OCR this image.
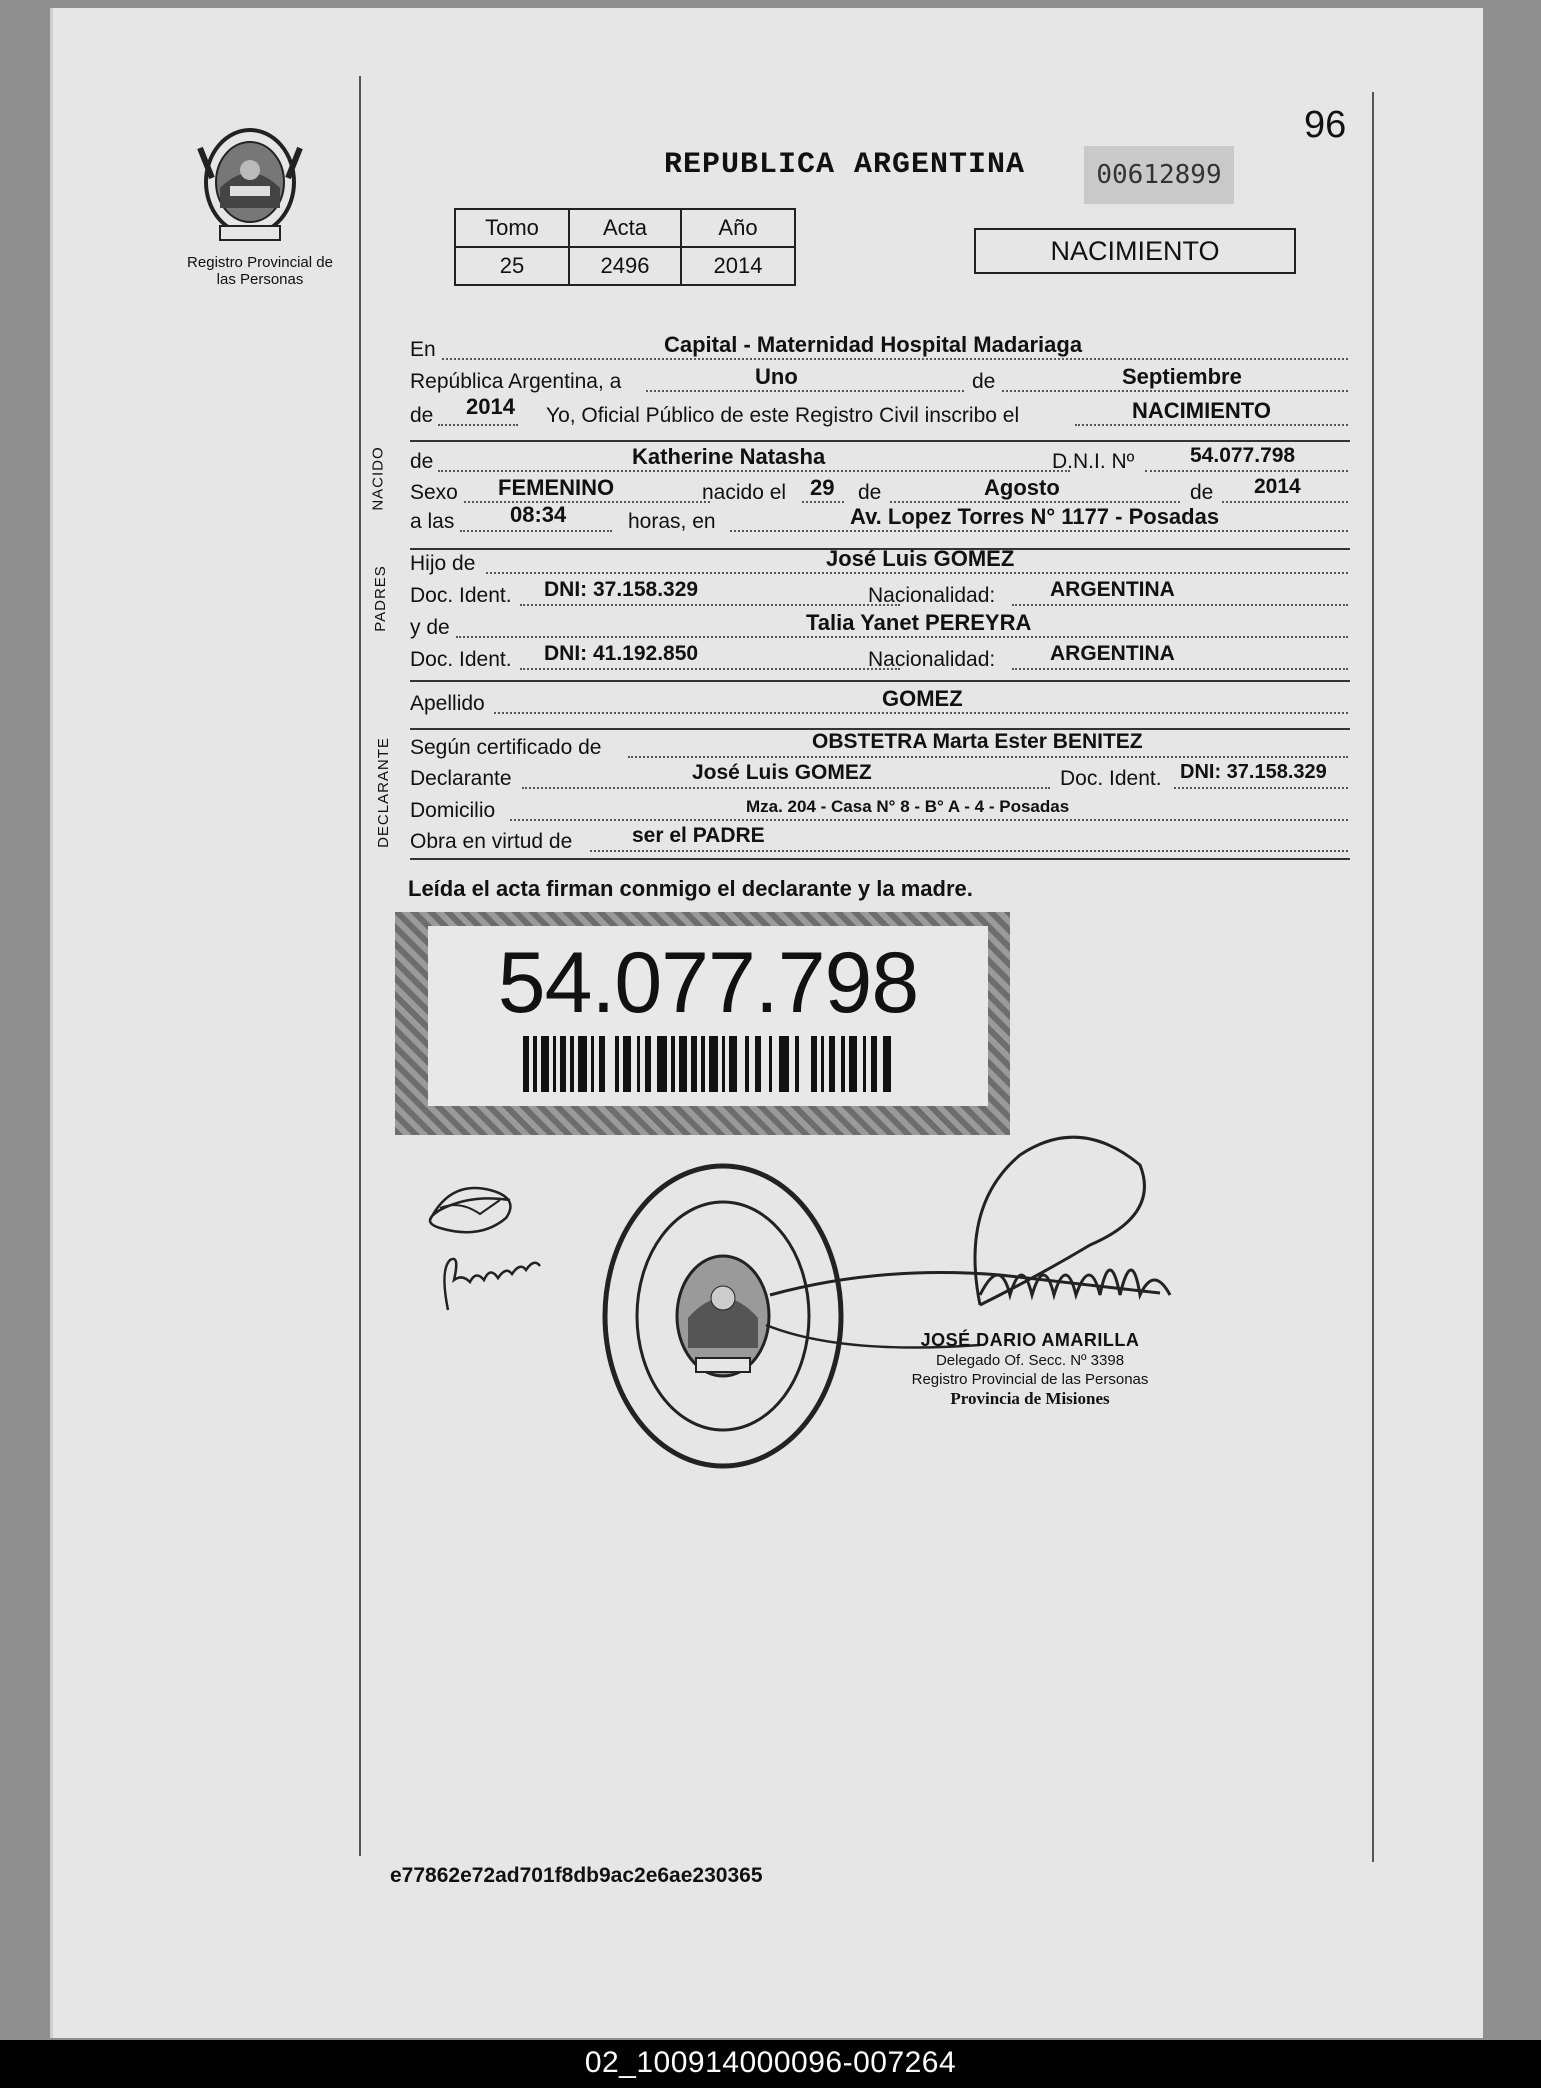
Registro Provincial de las Personas
96
REPUBLICA ARGENTINA	00612899
Tomo	Acta	Año
25	2496	2014	NACIMIENTO
En	Capital - Maternidad Hospital Madariaga
República Argentina, a	Uno	de	Septiembre
de 2014 Yo, Oficial Público de este Registro Civil inscribo el	NACIMIENTO
NACIDO de	Katherine Natasha	D.N.I. Nº	54.077.798
Sexo FEMENINO	nacido el 29 de	Agosto	de 2014
a las	08:34	horas, en	Av. Lopez Torres N° 1177 - Posadas
PADRES
Hijo de	José Luis GOMEZ
Doc. Ident. DNI: 37.158.329	Nacionalidad:	ARGENTINA
y de	Talia Yanet PEREYRA
Doc. Ident. DNI: 41.192.850	Nacionalidad:	ARGENTINA
Apellido	GOMEZ
DECLARANTE Según certificado de	OBSTETRA Marta Ester BENITEZ
Declarante	José Luis GOMEZ	Doc. Ident. DNI: 37.158.329
Domicilio	Mza. 204 - Casa N° 8 - B° A - 4 - Posadas
Obra en virtud de	ser el PADRE
Leída el acta firman conmigo el declarante y la madre.
54.077.798
JOSÉ DARIO AMARILLA
Delegado Of. Secc. Nº 3398
Registro Provincial de las Personas
Provincia de Misiones
e77862e72ad701f8db9ac2e6ae230365
02_100914000096-007264
